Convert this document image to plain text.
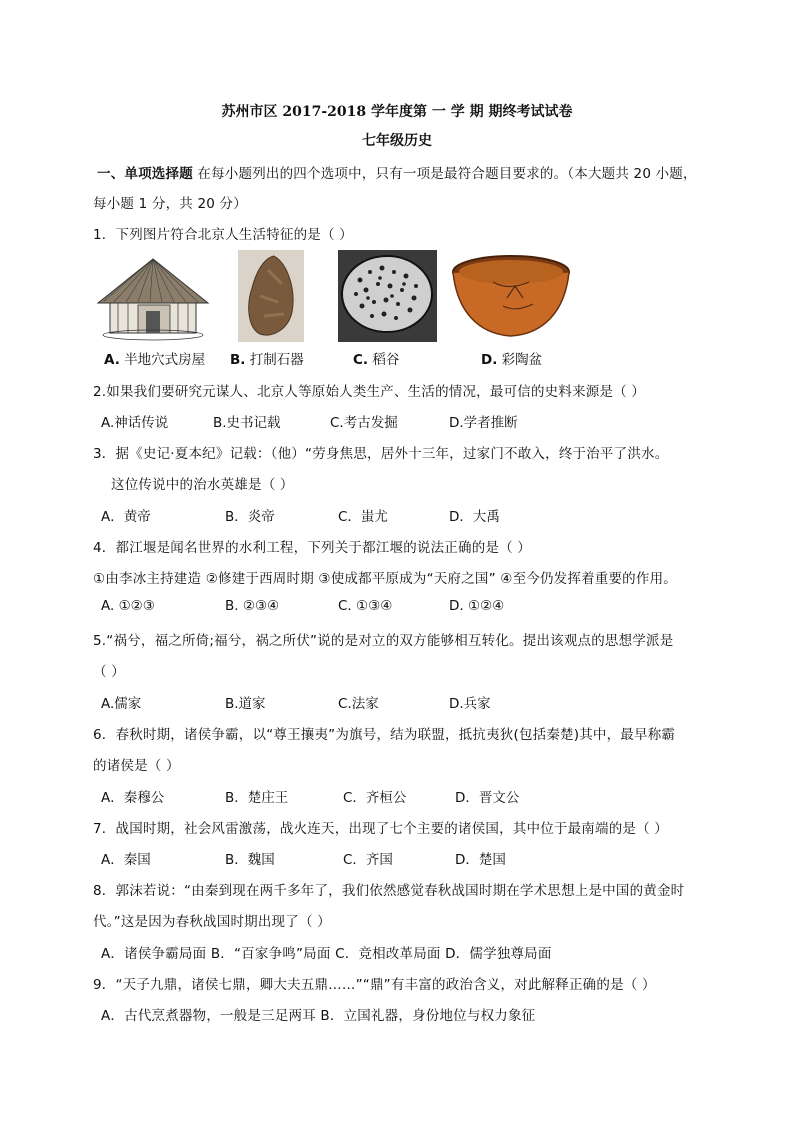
苏州市区 2017-2018 学年度第 一 学 期 期终考试试卷
七年级历史
一、单项选择题 在每小题列出的四个选项中，只有一项是最符合题目要求的。（本大题共 20 小题，
每小题 1 分，共 20 分）
1．下列图片符合北京人生活特征的是（ ）
A. 半地穴式房屋 B. 打制石器	C. 稻谷	D. 彩陶盆
2.如果我们要研究元谋人、北京人等原始人类生产、生活的情况，最可信的史料来源是（ ）
A.神话传说	B.史书记载	C.考古发掘	D.学者推断
3．据《史记·夏本纪》记载：（他）“劳身焦思，居外十三年，过家门不敢入，终于治平了洪水。
这位传说中的治水英雄是（ ）
A．黄帝	B．炎帝	C．蚩尤	D．大禹
4．都江堰是闻名世界的水利工程，下列关于都江堰的说法正确的是（ ）
①由李冰主持建造 ②修建于西周时期 ③使成都平原成为“天府之国” ④至今仍发挥着重要的作用。
A. ①②③	B. ②③④	C. ①③④	D. ①②④
5.“祸兮，福之所倚;福兮，祸之所伏”说的是对立的双方能够相互转化。提出该观点的思想学派是
（ ）
A.儒家	B.道家	C.法家	D.兵家
6．春秋时期，诸侯争霸，以“尊王攘夷”为旗号，结为联盟，抵抗夷狄(包括秦楚)其中，最早称霸
的诸侯是（ ）
A．秦穆公	B．楚庄王	C．齐桓公	D．晋文公
7．战国时期，社会风雷激荡，战火连天，出现了七个主要的诸侯国，其中位于最南端的是（ ）
A．秦国	B．魏国	C．齐国	D．楚国
8．郭沫若说：“由秦到现在两千多年了，我们依然感觉春秋战国时期在学术思想上是中国的黄金时
代。”这是因为春秋战国时期出现了（ ）
A．诸侯争霸局面 B．“百家争鸣”局面 C．竞相改革局面 D．儒学独尊局面
9．“天子九鼎，诸侯七鼎，卿大夫五鼎……”“鼎”有丰富的政治含义，对此解释正确的是（ ）
A．古代烹煮器物，一般是三足两耳 B．立国礼器，身份地位与权力象征
